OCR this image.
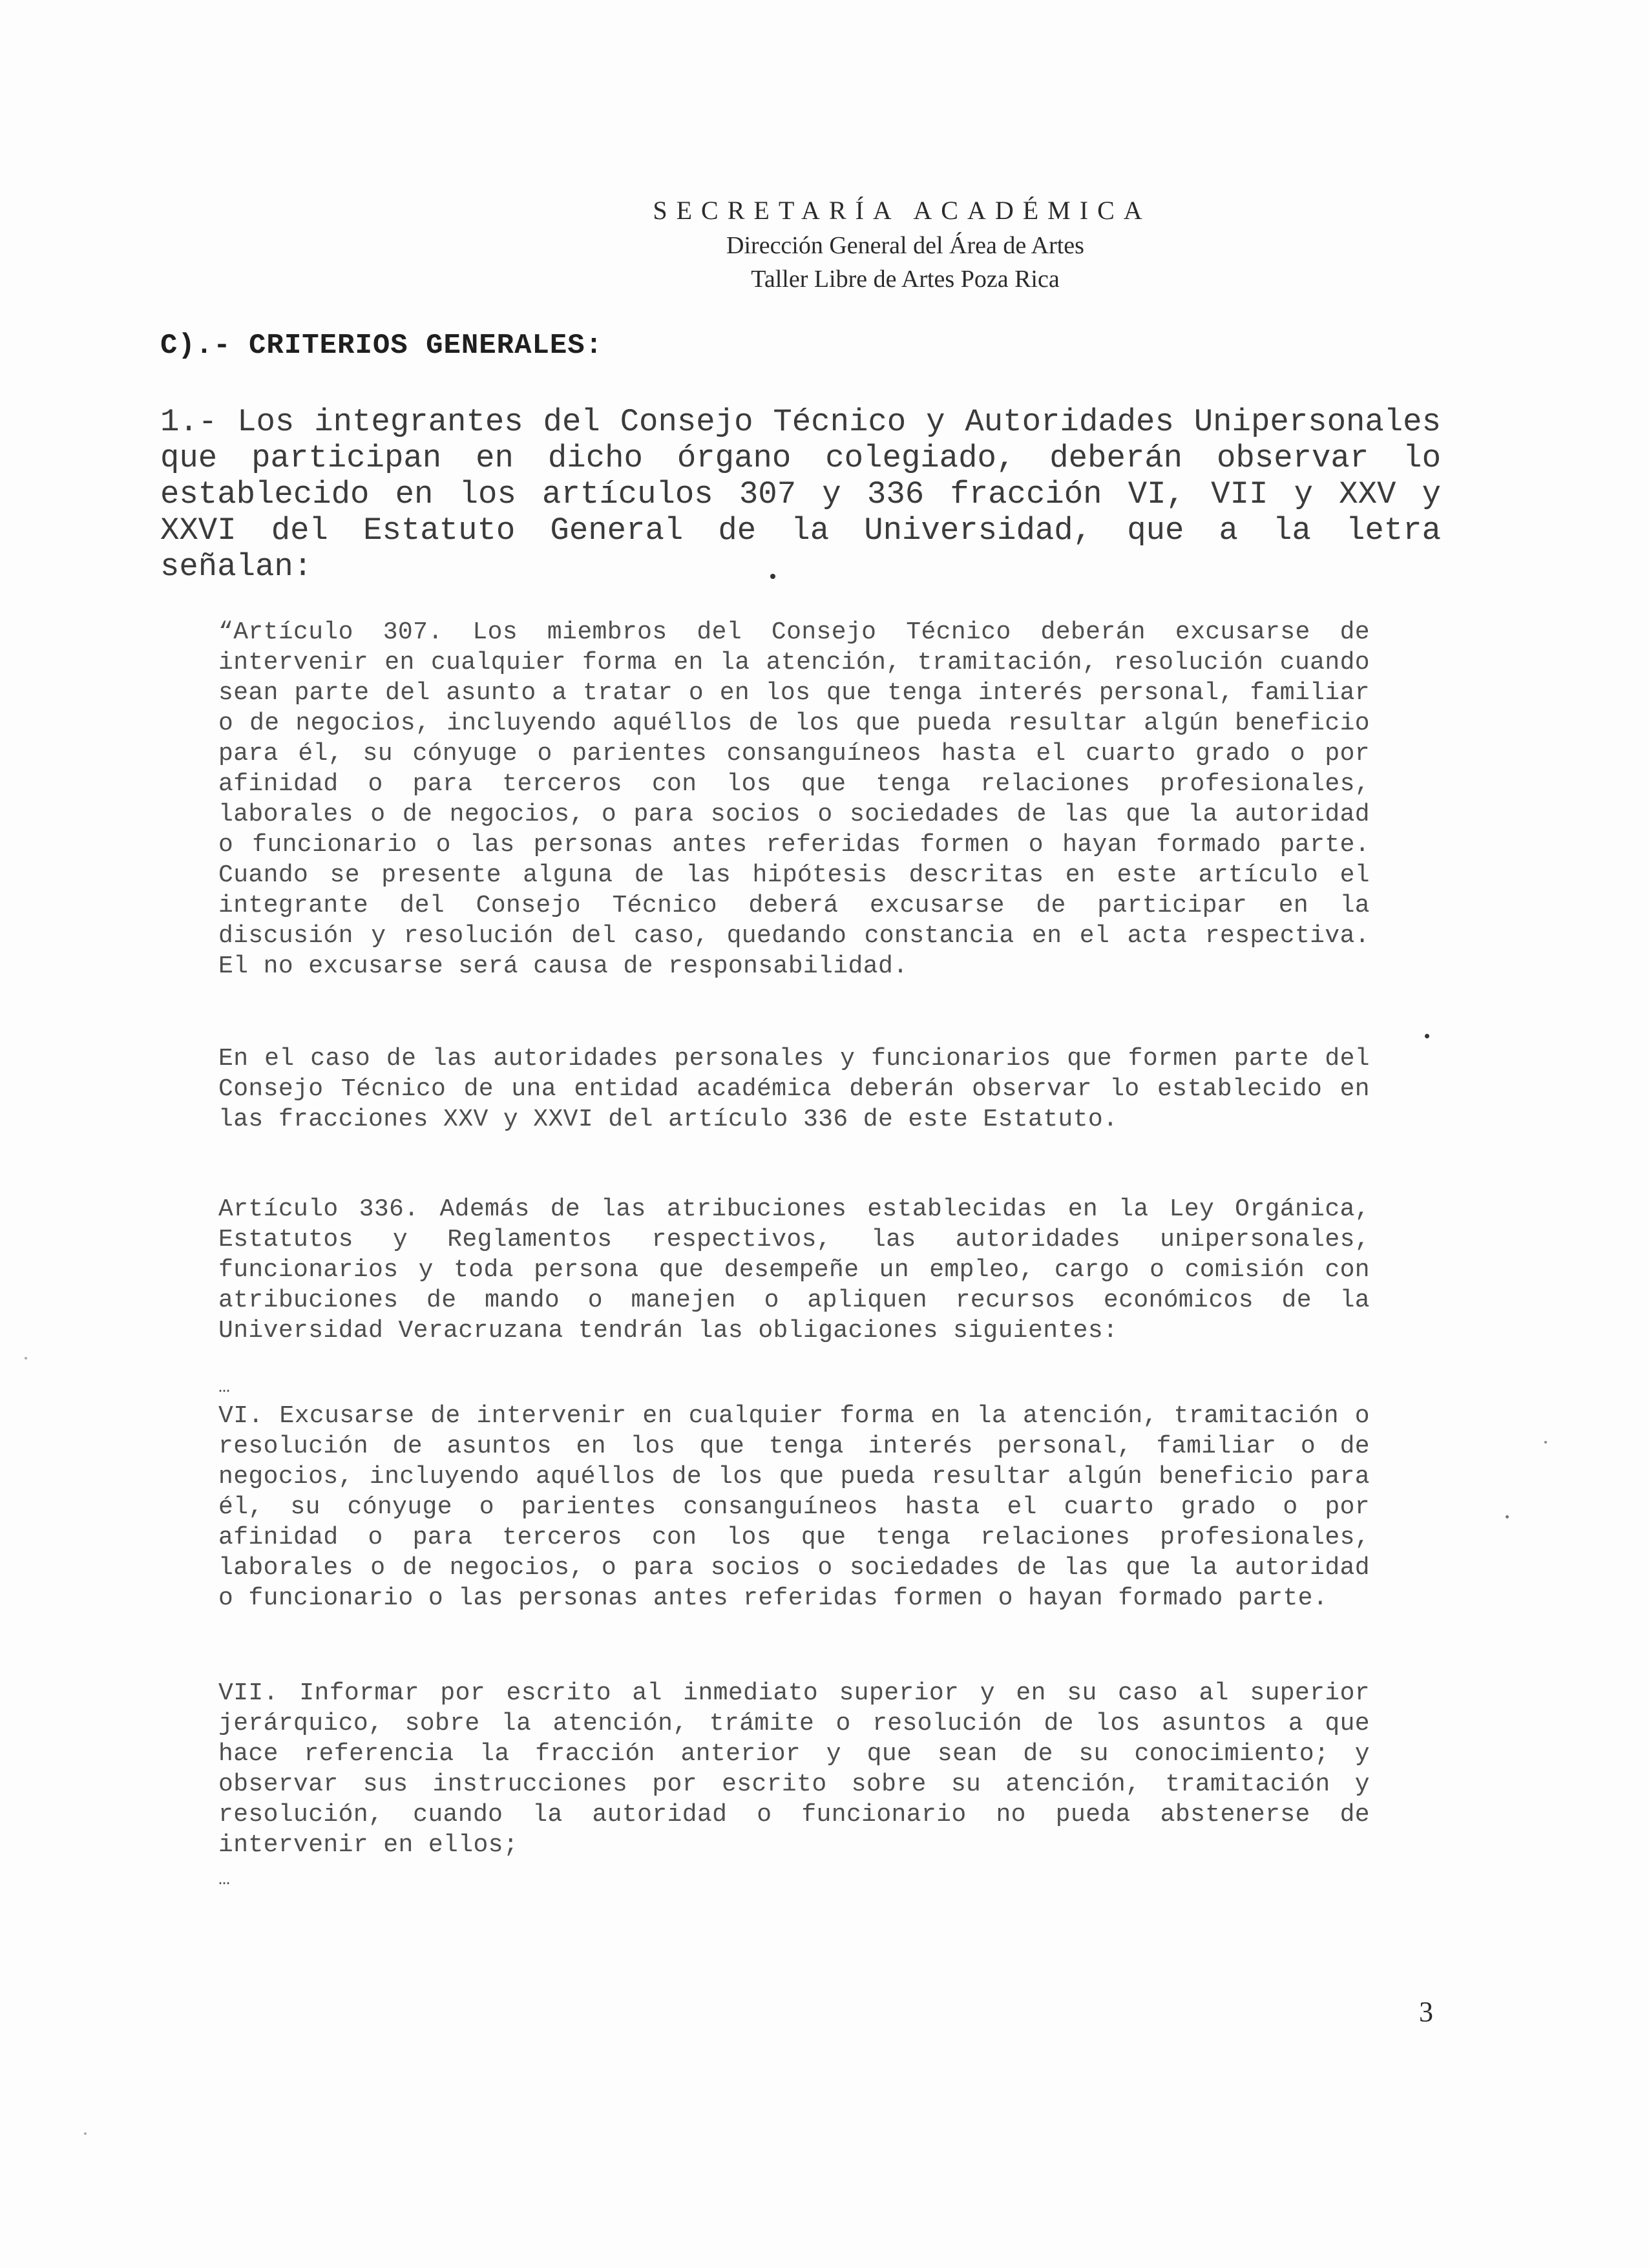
SECRETARÍA ACADÉMICA
Dirección General del Área de Artes
Taller Libre de Artes Poza Rica
C).- CRITERIOS GENERALES:
1.- Los integrantes del Consejo Técnico y Autoridades Unipersonales que participan en dicho órgano colegiado, deberán observar lo establecido en los artículos 307 y 336 fracción VI, VII y XXV y XXVI del Estatuto General de la Universidad, que a la letra señalan:

“Artículo 307. Los miembros del Consejo Técnico deberán excusarse de intervenir en cualquier forma en la atención, tramitación, resolución cuando sean parte del asunto a tratar o en los que tenga interés personal, familiar o de negocios, incluyendo aquéllos de los que pueda resultar algún beneficio para él, su cónyuge o parientes consanguíneos hasta el cuarto grado o por afinidad o para terceros con los que tenga relaciones profesionales, laborales o de negocios, o para socios o sociedades de las que la autoridad o funcionario o las personas antes referidas formen o hayan formado parte. Cuando se presente alguna de las hipótesis descritas en este artículo el integrante del Consejo Técnico deberá excusarse de participar en la discusión y resolución del caso, quedando constancia en el acta respectiva. El no excusarse será causa de responsabilidad.

En el caso de las autoridades personales y funcionarios que formen parte del Consejo Técnico de una entidad académica deberán observar lo establecido en las fracciones XXV y XXVI del artículo 336 de este Estatuto.

Artículo 336. Además de las atribuciones establecidas en la Ley Orgánica, Estatutos y Reglamentos respectivos, las autoridades unipersonales, funcionarios y toda persona que desempeñe un empleo, cargo o comisión con atribuciones de mando o manejen o apliquen recursos económicos de la Universidad Veracruzana tendrán las obligaciones siguientes:

…

VI. Excusarse de intervenir en cualquier forma en la atención, tramitación o resolución de asuntos en los que tenga interés personal, familiar o de negocios, incluyendo aquéllos de los que pueda resultar algún beneficio para él, su cónyuge o parientes consanguíneos hasta el cuarto grado o por afinidad o para terceros con los que tenga relaciones profesionales, laborales o de negocios, o para socios o sociedades de las que la autoridad o funcionario o las personas antes referidas formen o hayan formado parte.

VII. Informar por escrito al inmediato superior y en su caso al superior jerárquico, sobre la atención, trámite o resolución de los asuntos a que hace referencia la fracción anterior y que sean de su conocimiento; y observar sus instrucciones por escrito sobre su atención, tramitación y resolución, cuando la autoridad o funcionario no pueda abstenerse de intervenir en ellos;

…
3
